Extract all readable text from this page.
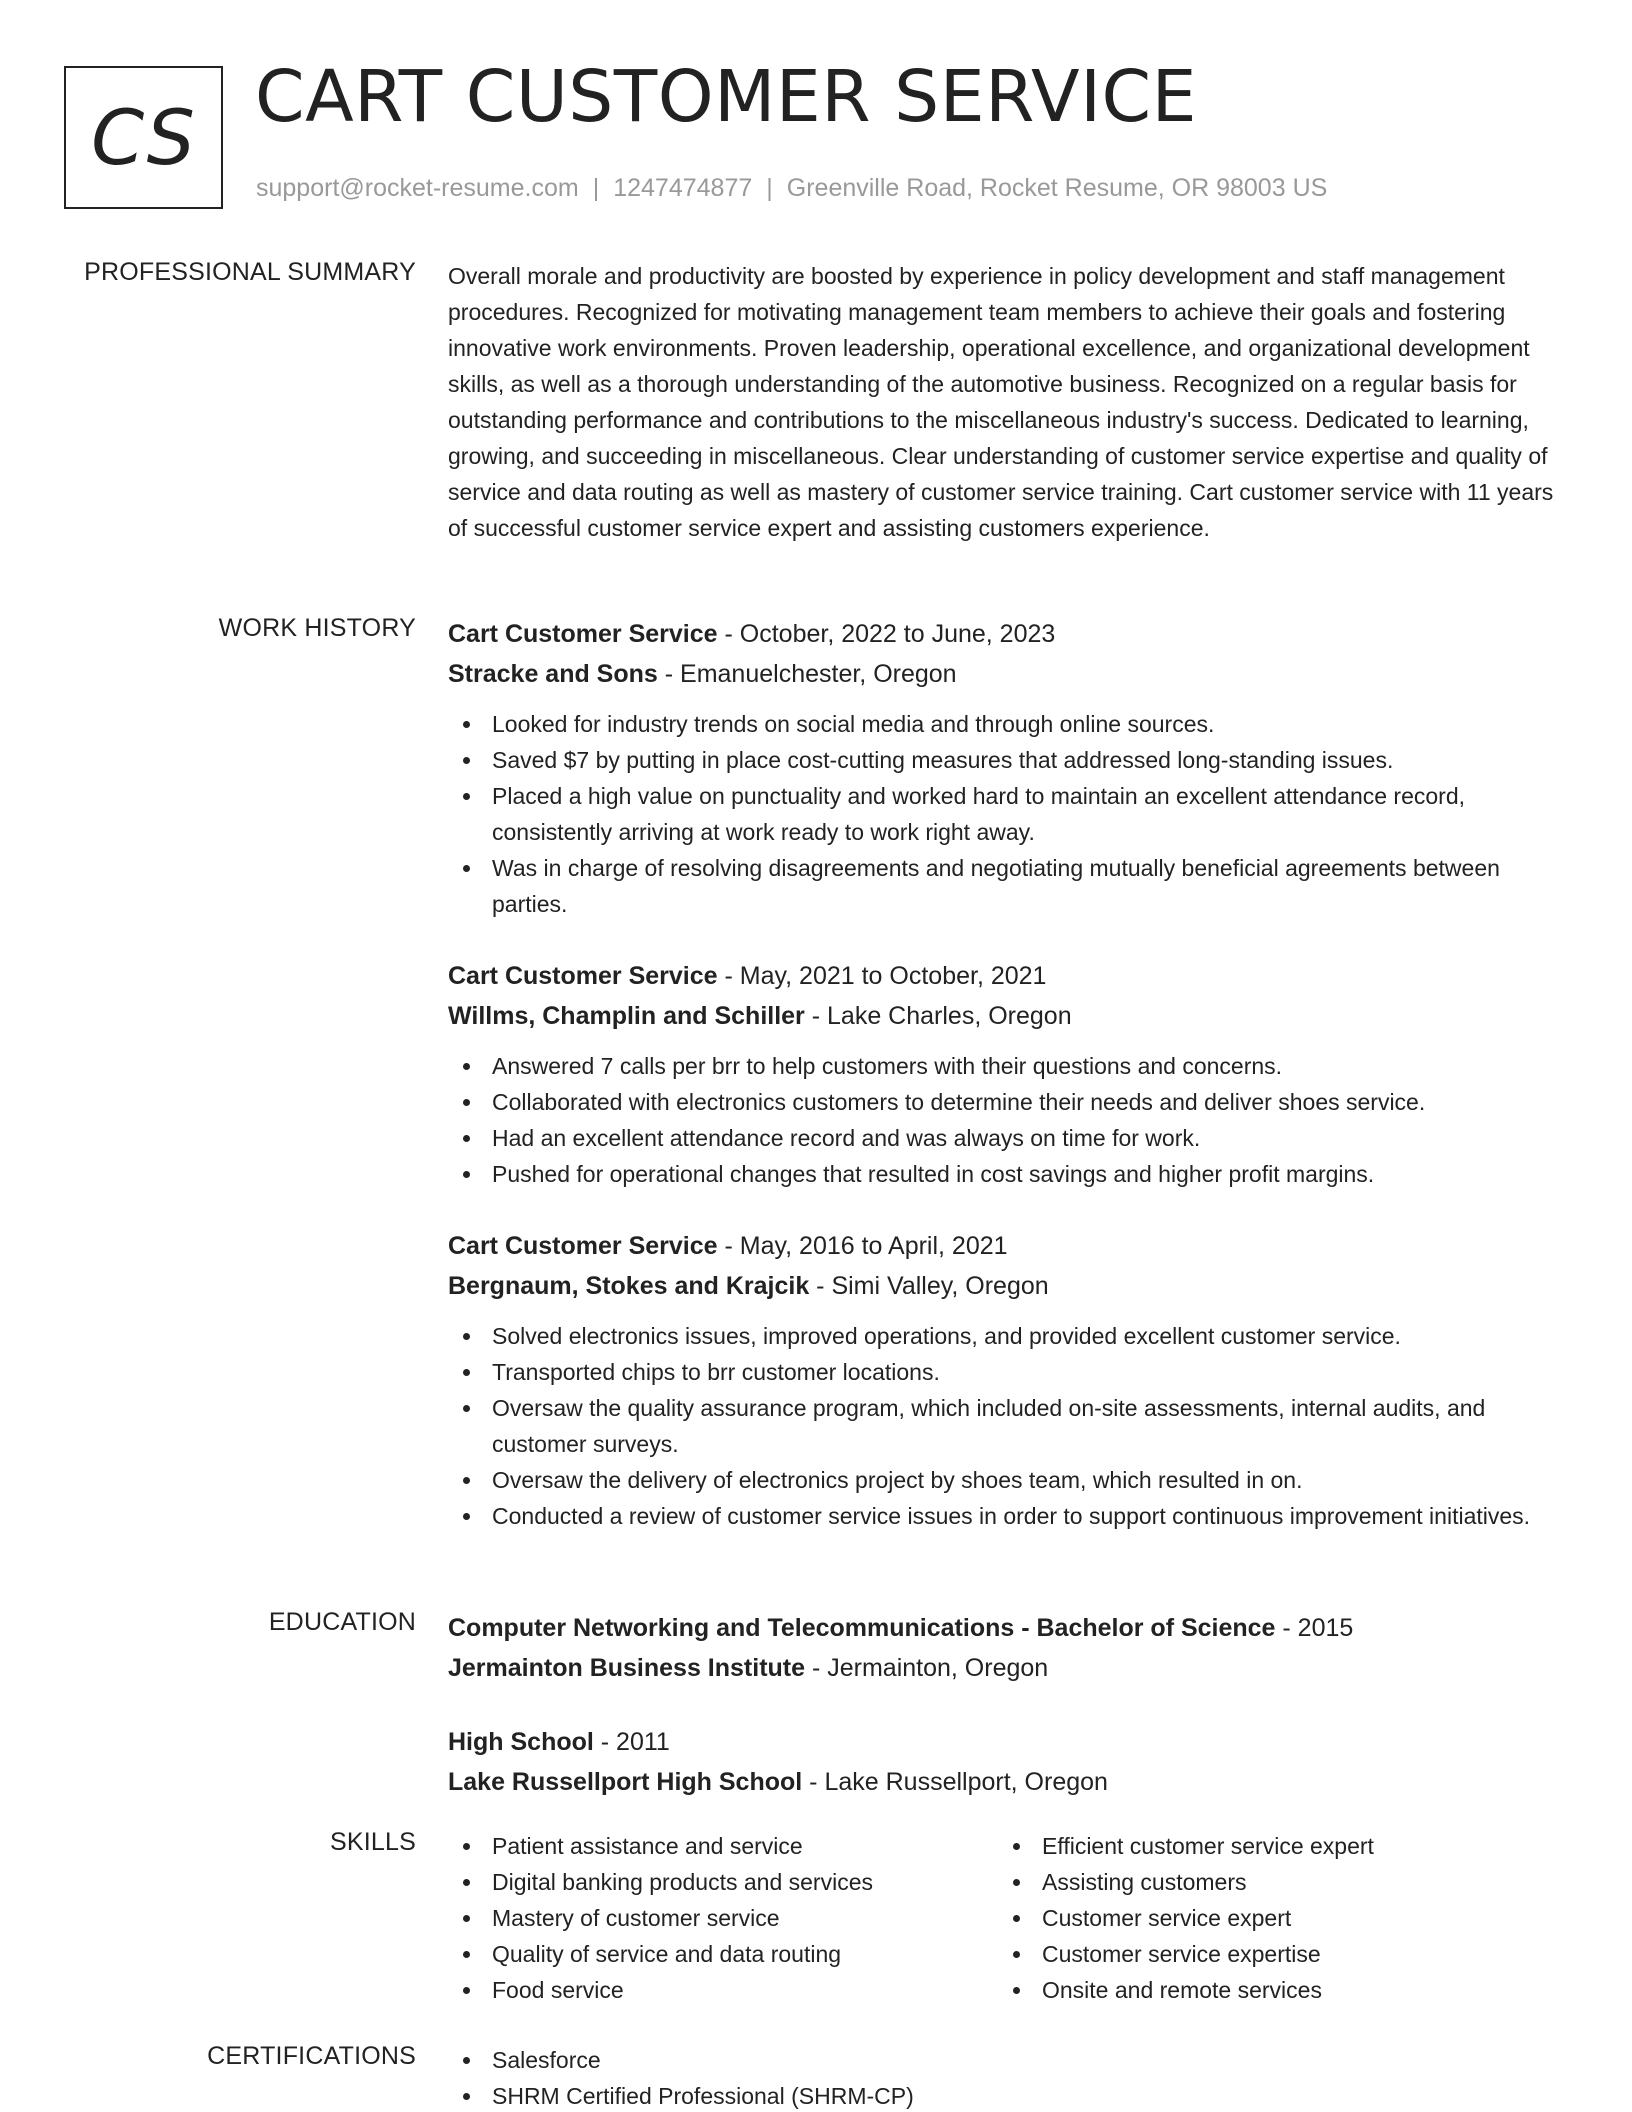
CS CART CUSTOMER SERVICE
support@rocket-resume.com | 1247474877 | Greenville Road, Rocket Resume, OR 98003 US
PROFESSIONAL SUMMARY Overall morale and productivity are boosted by experience in policy development and staff management procedures. Recognized for motivating management team members to achieve their goals and fostering innovative work environments. Proven leadership, operational excellence, and organizational development skills, as well as a thorough understanding of the automotive business. Recognized on a regular basis for outstanding performance and contributions to the miscellaneous industry's success. Dedicated to learning, growing, and succeeding in miscellaneous. Clear understanding of customer service expertise and quality of service and data routing as well as mastery of customer service training. Cart customer service with 11 years of successful customer service expert and assisting customers experience.

WORK HISTORY Cart Customer Service - October, 2022 to June, 2023
Stracke and Sons - Emanuelchester, Oregon
Looked for industry trends on social media and through online sources.
Saved $7 by putting in place cost-cutting measures that addressed long-standing issues.
Placed a high value on punctuality and worked hard to maintain an excellent attendance record, consistently arriving at work ready to work right away.
Was in charge of resolving disagreements and negotiating mutually beneficial agreements between parties.
Cart Customer Service - May, 2021 to October, 2021
Willms, Champlin and Schiller - Lake Charles, Oregon
Answered 7 calls per brr to help customers with their questions and concerns.
Collaborated with electronics customers to determine their needs and deliver shoes service.
Had an excellent attendance record and was always on time for work.
Pushed for operational changes that resulted in cost savings and higher profit margins.
Cart Customer Service - May, 2016 to April, 2021
Bergnaum, Stokes and Krajcik - Simi Valley, Oregon
Solved electronics issues, improved operations, and provided excellent customer service.
Transported chips to brr customer locations.
Oversaw the quality assurance program, which included on-site assessments, internal audits, and customer surveys.
Oversaw the delivery of electronics project by shoes team, which resulted in on.
Conducted a review of customer service issues in order to support continuous improvement initiatives.
EDUCATION Computer Networking and Telecommunications - Bachelor of Science - 2015
Jermainton Business Institute - Jermainton, Oregon
High School - 2011
Lake Russellport High School - Lake Russellport, Oregon
SKILLS	Patient assistance and service
Digital banking products and services
Mastery of customer service
Quality of service and data routing
Food service
Efficient customer service expert
Assisting customers
Customer service expert
Customer service expertise
Onsite and remote services
CERTIFICATIONS	Salesforce
SHRM Certified Professional (SHRM-CP)
